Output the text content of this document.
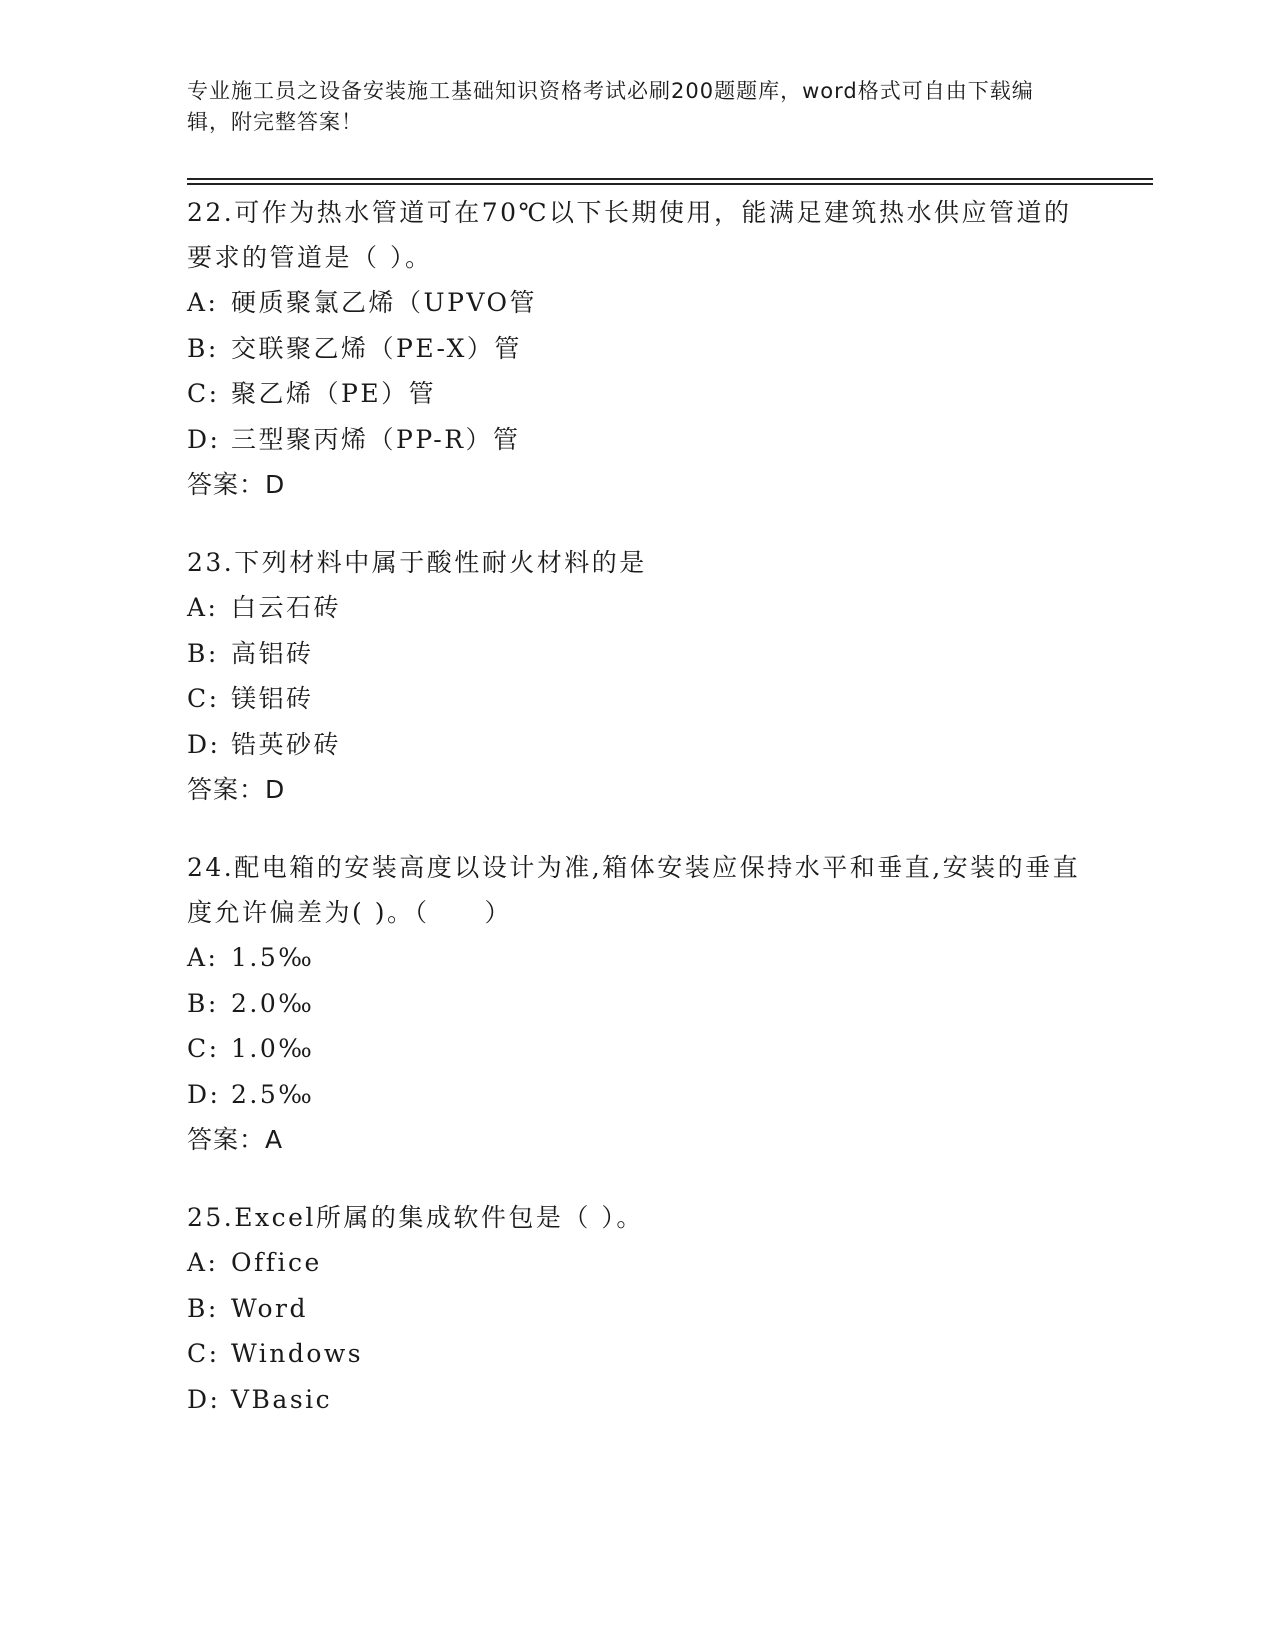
专业施工员之设备安装施工基础知识资格考试必刷200题题库，word格式可自由下载编辑，附完整答案！
22.可作为热水管道可在70℃以下长期使用，能满足建筑热水供应管道的要求的管道是（ ）。
A: 硬质聚氯乙烯（UPVO管
B: 交联聚乙烯（PE-X）管
C: 聚乙烯（PE）管
D: 三型聚丙烯（PP-R）管
答案：D
23.下列材料中属于酸性耐火材料的是
A: 白云石砖
B: 高铝砖
C: 镁铝砖
D: 锆英砂砖
答案：D
24.配电箱的安装高度以设计为准,箱体安装应保持水平和垂直,安装的垂直度允许偏差为( )。（　　）
A: 1.5‰
B: 2.0‰
C: 1.0‰
D: 2.5‰
答案：A
25.Excel所属的集成软件包是（ ）。
A: Office
B: Word
C: Windows
D: VBasic
